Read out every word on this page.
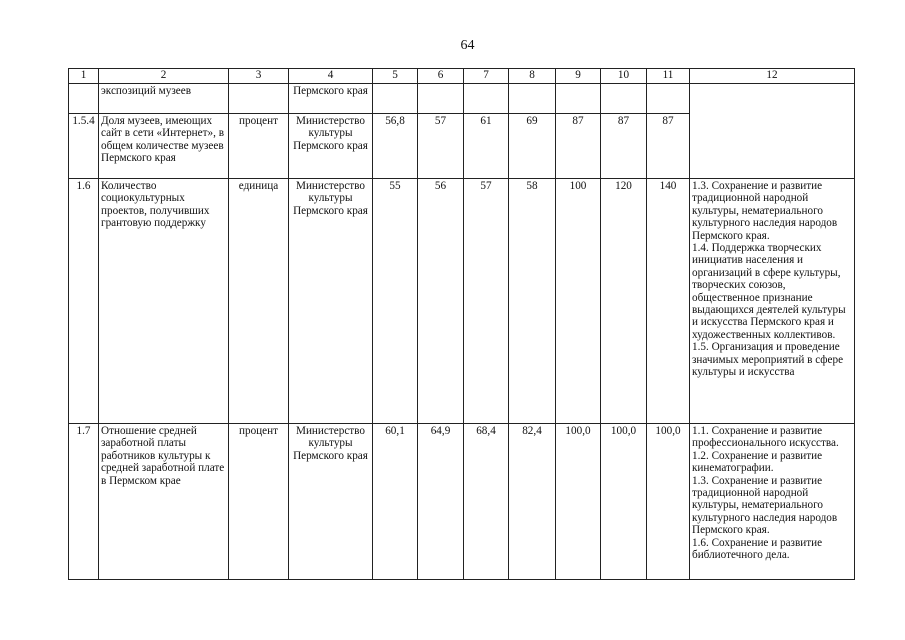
64
1	2	3	4	5	6	7	8	9	10	11	12
	экспозиций музеев		Пермского края								
1.5.4	Доля музеев, имеющих сайт в сети «Интернет», в общем количестве музеев Пермского края	процент	Министерство культуры Пермского края	56,8	57	61	69	87	87	87	
1.6	Количество социокультурных проектов, получивших грантовую поддержку	единица	Министерство культуры Пермского края	55	56	57	58	100	120	140	1.3. Сохранение и развитие традиционной народной культуры, нематериального культурного наследия народов Пермского края.
1.4. Поддержка творческих инициатив населения и организаций в сфере культуры, творческих союзов, общественное признание выдающихся деятелей культуры и искусства Пермского края и художественных коллективов.
1.5. Организация и проведение значимых мероприятий в сфере культуры и искусства

1.7	Отношение средней заработной платы работников культуры к средней заработной плате в Пермском крае	процент	Министерство культуры Пермского края	60,1	64,9	68,4	82,4	100,0	100,0	100,0	1.1. Сохранение и развитие профессионального искусства.
1.2. Сохранение и развитие кинематографии.
1.3. Сохранение и развитие традиционной народной культуры, нематериального культурного наследия народов Пермского края.
1.6. Сохранение и развитие библиотечного дела.
